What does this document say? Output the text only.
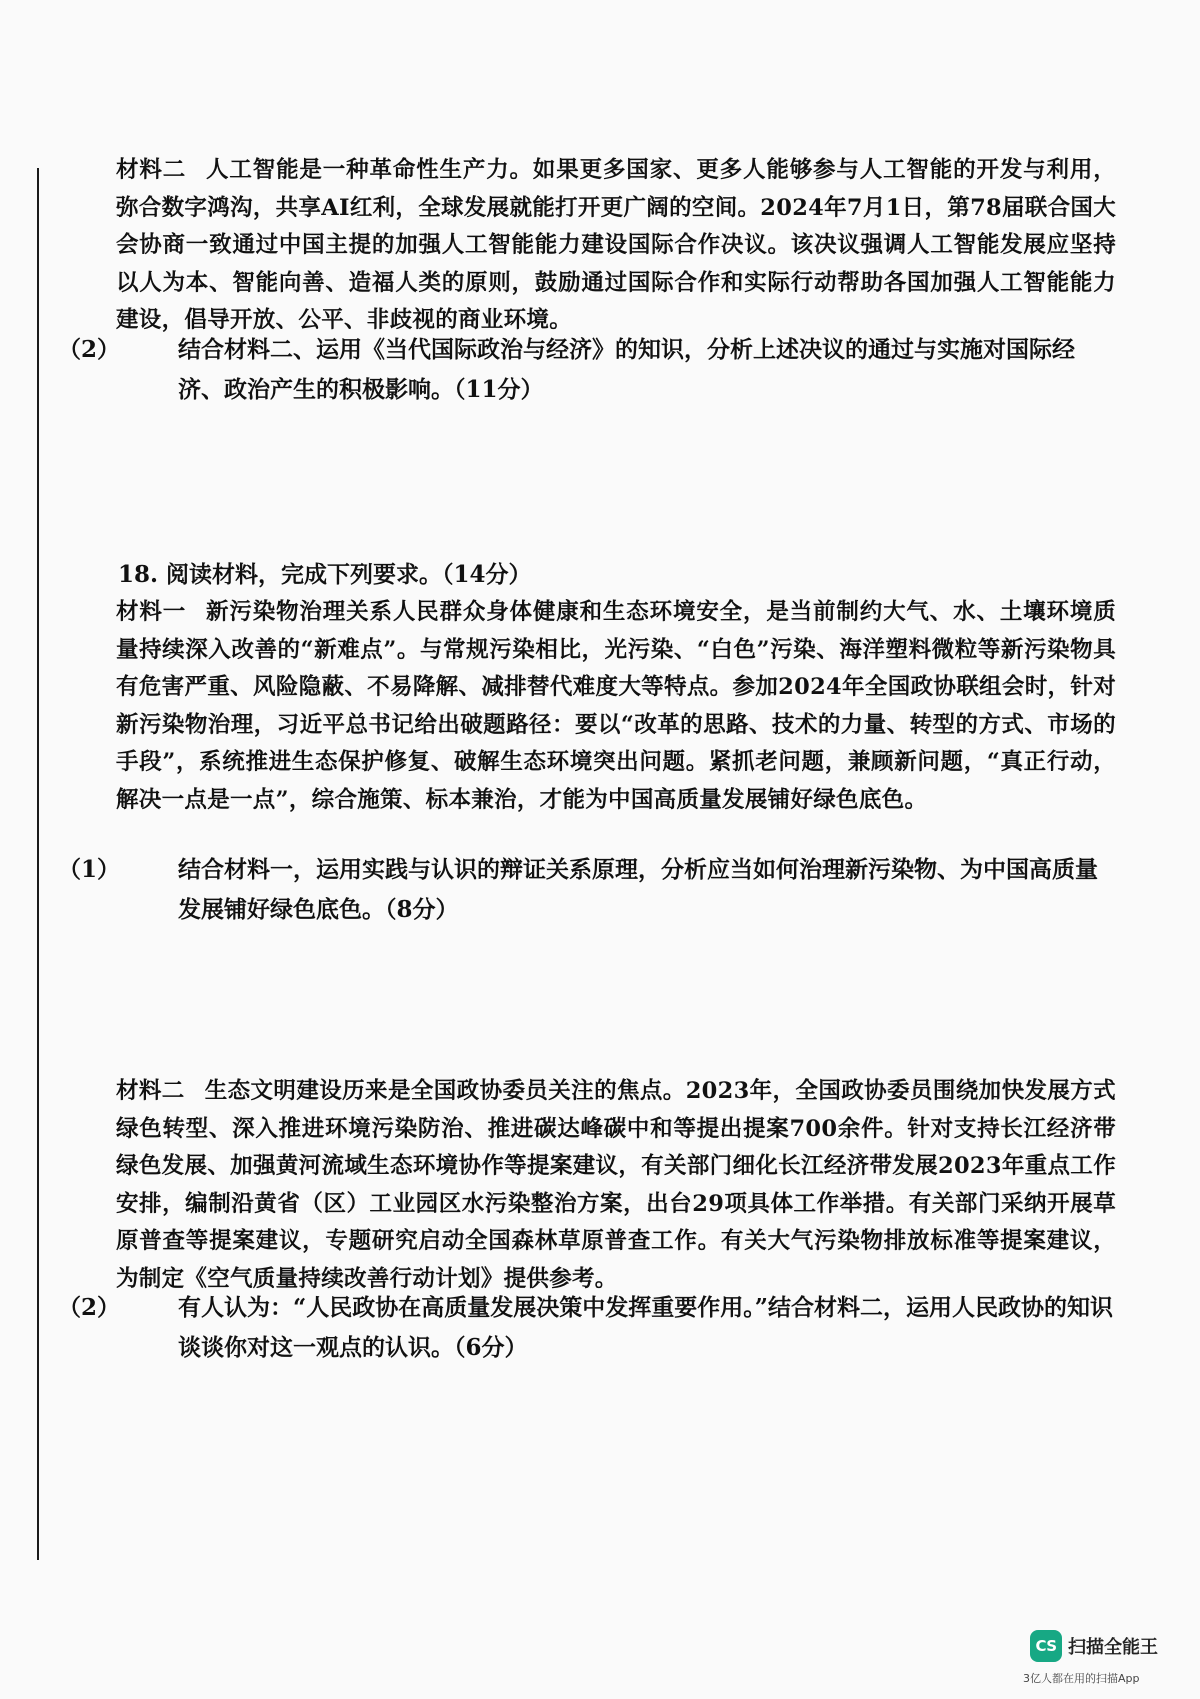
材料二 人工智能是一种革命性生产力。如果更多国家、更多人能够参与人工智能的开发与利用，弥合数字鸿沟，共享AI红利，全球发展就能打开更广阔的空间。2024年7月1日，第78届联合国大会协商一致通过中国主提的加强人工智能能力建设国际合作决议。该决议强调人工智能发展应坚持以人为本、智能向善、造福人类的原则，鼓励通过国际合作和实际行动帮助各国加强人工智能能力建设，倡导开放、公平、非歧视的商业环境。
（2）	结合材料二、运用《当代国际政治与经济》的知识，分析上述决议的通过与实施对国际经济、政治产生的积极影响。（11分）
18. 阅读材料，完成下列要求。（14分）
材料一 新污染物治理关系人民群众身体健康和生态环境安全，是当前制约大气、水、土壤环境质量持续深入改善的“新难点”。与常规污染相比，光污染、“白色”污染、海洋塑料微粒等新污染物具有危害严重、风险隐蔽、不易降解、减排替代难度大等特点。参加2024年全国政协联组会时，针对新污染物治理，习近平总书记给出破题路径：要以“改革的思路、技术的力量、转型的方式、市场的手段”，系统推进生态保护修复、破解生态环境突出问题。紧抓老问题，兼顾新问题，“真正行动，解决一点是一点”，综合施策、标本兼治，才能为中国高质量发展铺好绿色底色。
（1）	结合材料一，运用实践与认识的辩证关系原理，分析应当如何治理新污染物、为中国高质量发展铺好绿色底色。（8分）
材料二 生态文明建设历来是全国政协委员关注的焦点。2023年，全国政协委员围绕加快发展方式绿色转型、深入推进环境污染防治、推进碳达峰碳中和等提出提案700余件。针对支持长江经济带绿色发展、加强黄河流域生态环境协作等提案建议，有关部门细化长江经济带发展2023年重点工作安排，编制沿黄省（区）工业园区水污染整治方案，出台29项具体工作举措。有关部门采纳开展草原普查等提案建议，专题研究启动全国森林草原普查工作。有关大气污染物排放标准等提案建议，为制定《空气质量持续改善行动计划》提供参考。
（2）	有人认为：“人民政协在高质量发展决策中发挥重要作用。”结合材料二，运用人民政协的知识谈谈你对这一观点的认识。（6分）
CS 扫描全能王
3亿人都在用的扫描App
